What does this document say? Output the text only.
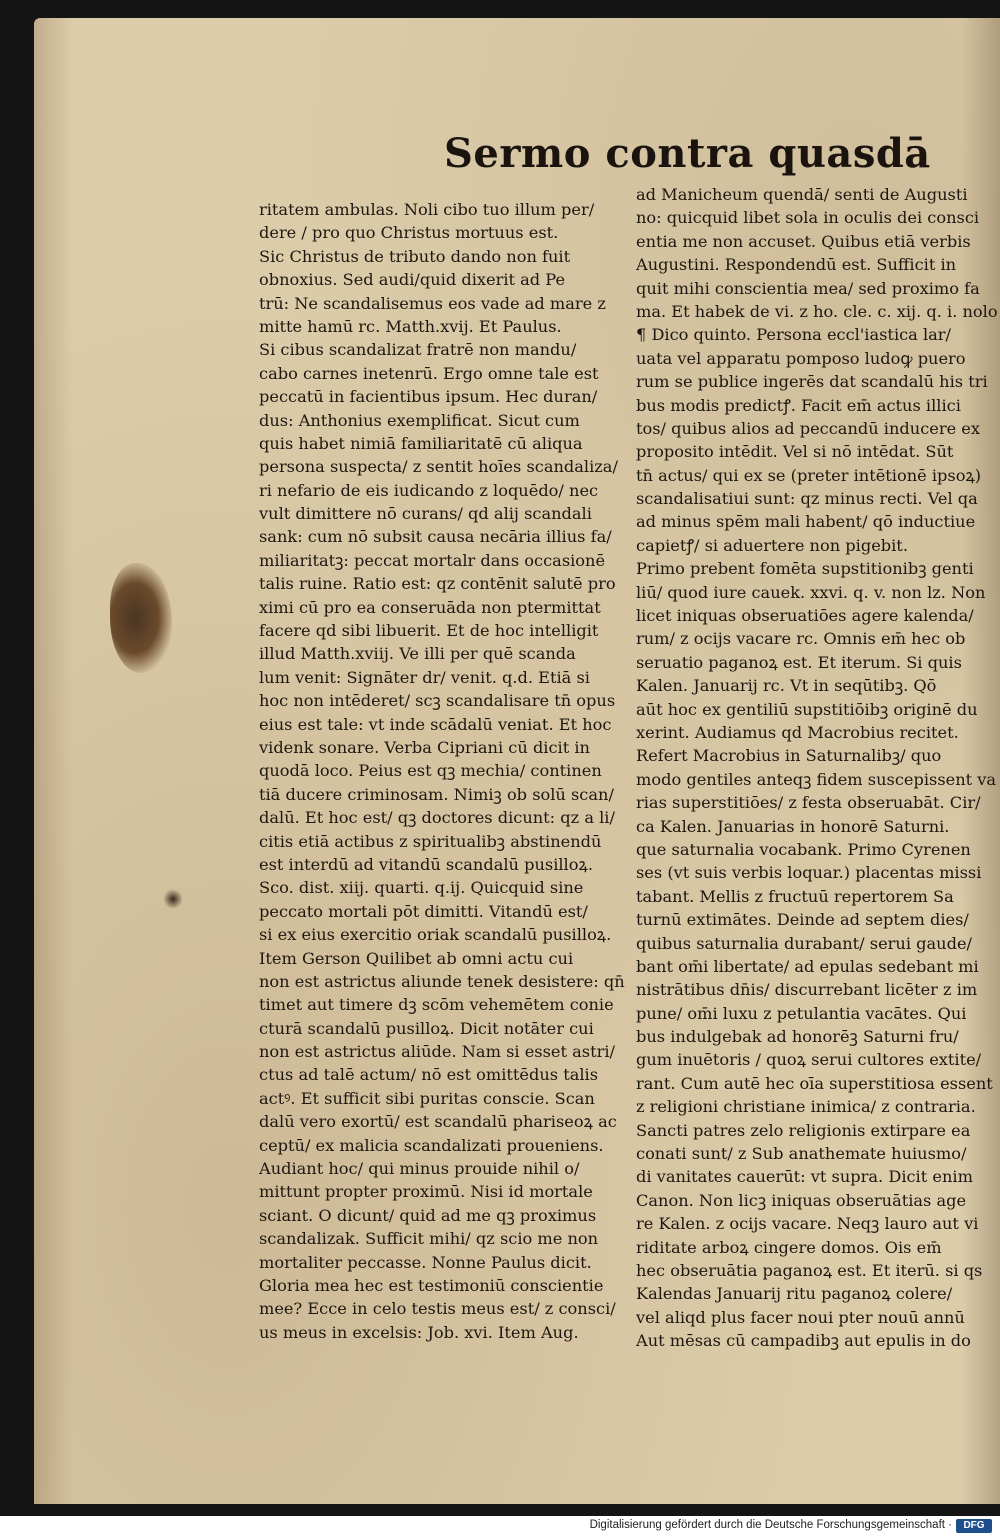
Sermo contra quasdā
ritatem ambulas. Noli cibo tuo illum per/
dere / pro quo Christus mortuus est.
Sic Christus de tributo dando non fuit
obnoxius. Sed audi/quid dixerit ad Pe
trū: Ne scandalisemus eos vade ad mare z
mitte hamū rc. Matth.xvij. Et Paulus.
Si cibus scandalizat fratrē non mandu/
cabo carnes inetenrū. Ergo omne tale est
peccatū in facientibus ipsum. Hec duran/
dus: Anthonius exemplificat. Sicut cum
quis habet nimiā familiaritatē cū aliqua
persona suspecta/ z sentit hoīes scandaliza/
ri nefario de eis iudicando z loquēdo/ nec
vult dimittere nō curans/ qd alij scandali
sank: cum nō subsit causa necāria illius fa/
miliaritatꝫ: peccat mortalr dans occasionē
talis ruine. Ratio est: qz contēnit salutē pro
ximi cū pro ea conseruāda non ptermittat
facere qd sibi libuerit. Et de hoc intelligit
illud Matth.xviij. Ve illi per quē scanda
lum venit: Signāter dr/ venit. q.d. Etiā si
hoc non intēderet/ scꝫ scandalisare tn̄ opus
eius est tale: vt inde scādalū veniat. Et hoc
videnk sonare. Verba Cipriani cū dicit in
quodā loco. Peius est qꝫ mechia/ continen
tiā ducere criminosam. Nimiꝫ ob solū scan/
dalū. Et hoc est/ qꝫ doctores dicunt: qz a li/
citis etiā actibus z spiritualibꝫ abstinendū
est interdū ad vitandū scandalū pusilloꝝ.
Sco. dist. xiij. quarti. q.ij. Quicquid sine
peccato mortali pōt dimitti. Vitandū est/
si ex eius exercitio oriak scandalū pusilloꝝ.
Item Gerson Quilibet ab omni actu cui
non est astrictus aliunde tenek desistere: qn̄
timet aut timere dꝫ scōm vehemētem conie
cturā scandalū pusilloꝝ. Dicit notāter cui
non est astrictus aliūde. Nam si esset astri/
ctus ad talē actum/ nō est omittēdus talis
actꝰ. Et sufficit sibi puritas conscie. Scan
dalū vero exortū/ est scandalū phariseoꝝ ac
ceptū/ ex malicia scandalizati proueniens.
Audiant hoc/ qui minus prouide nihil o/
mittunt propter proximū. Nisi id mortale
sciant. O dicunt/ quid ad me qꝫ proximus
scandalizak. Sufficit mihi/ qz scio me non
mortaliter peccasse. Nonne Paulus dicit.
Gloria mea hec est testimoniū conscientie
mee? Ecce in celo testis meus est/ z consci/
us meus in excelsis: Job. xvi. Item Aug.
ad Manicheum quendā/ senti de Augusti
no: quicquid libet sola in oculis dei consci
entia me non accuset. Quibus etiā verbis
Augustini. Respondendū est. Sufficit in
quit mihi conscientia mea/ sed proximo fa
ma. Et habek de vi. z ho. cle. c. xij. q. i. nolo
¶ Dico quinto. Persona eccl'iastica lar/
uata vel apparatu pomposo ludoꝙ puero
rum se publice ingerēs dat scandalū his tri
bus modis predictꝭ. Facit em̄ actus illici
tos/ quibus alios ad peccandū inducere ex
proposito intēdit. Vel si nō intēdat. Sūt
tn̄ actus/ qui ex se (preter intētionē ipsoꝝ)
scandalisatiui sunt: qz minus recti. Vel qa
ad minus spēm mali habent/ qō inductiue
capietꝭ/ si aduertere non pigebit.
Primo prebent fomēta supstitionibꝫ genti
liū/ quod iure cauek. xxvi. q. v. non lz. Non
licet iniquas obseruatiōes agere kalenda/
rum/ z ocijs vacare rc. Omnis em̄ hec ob
seruatio paganoꝝ est. Et iterum. Si quis
Kalen. Januarij rc. Vt in seqūtibꝫ. Qō
aūt hoc ex gentiliū supstitiōibꝫ originē du
xerint. Audiamus qd Macrobius recitet.
Refert Macrobius in Saturnalibꝫ/ quo
modo gentiles anteqꝫ fidem suscepissent va
rias superstitiōes/ z festa obseruabāt. Cir/
ca Kalen. Januarias in honorē Saturni.
que saturnalia vocabank. Primo Cyrenen
ses (vt suis verbis loquar.) placentas missi
tabant. Mellis z fructuū repertorem Sa
turnū extimātes. Deinde ad septem dies/
quibus saturnalia durabant/ serui gaude/
bant om̄i libertate/ ad epulas sedebant mi
nistrātibus dn̄is/ discurrebant licēter z im
pune/ om̄i luxu z petulantia vacātes. Qui
bus indulgebak ad honorēꝫ Saturni fru/
gum inuētoris / quoꝝ serui cultores extite/
rant. Cum autē hec oīa superstitiosa essent
z religioni christiane inimica/ z contraria.
Sancti patres zelo religionis extirpare ea
conati sunt/ z Sub anathemate huiusmo/
di vanitates cauerūt: vt supra. Dicit enim
Canon. Non licꝫ iniquas obseruātias age
re Kalen. z ocijs vacare. Neqꝫ lauro aut vi
riditate arboꝝ cingere domos. Ois em̄
hec obseruātia paganoꝝ est. Et iterū. si qs
Kalendas Januarij ritu paganoꝝ colere/
vel aliqd plus facer noui pter nouū annū
Aut mēsas cū campadibꝫ aut epulis in do
Digitalisierung gefördert durch die Deutsche Forschungsgemeinschaft ·	DFG
